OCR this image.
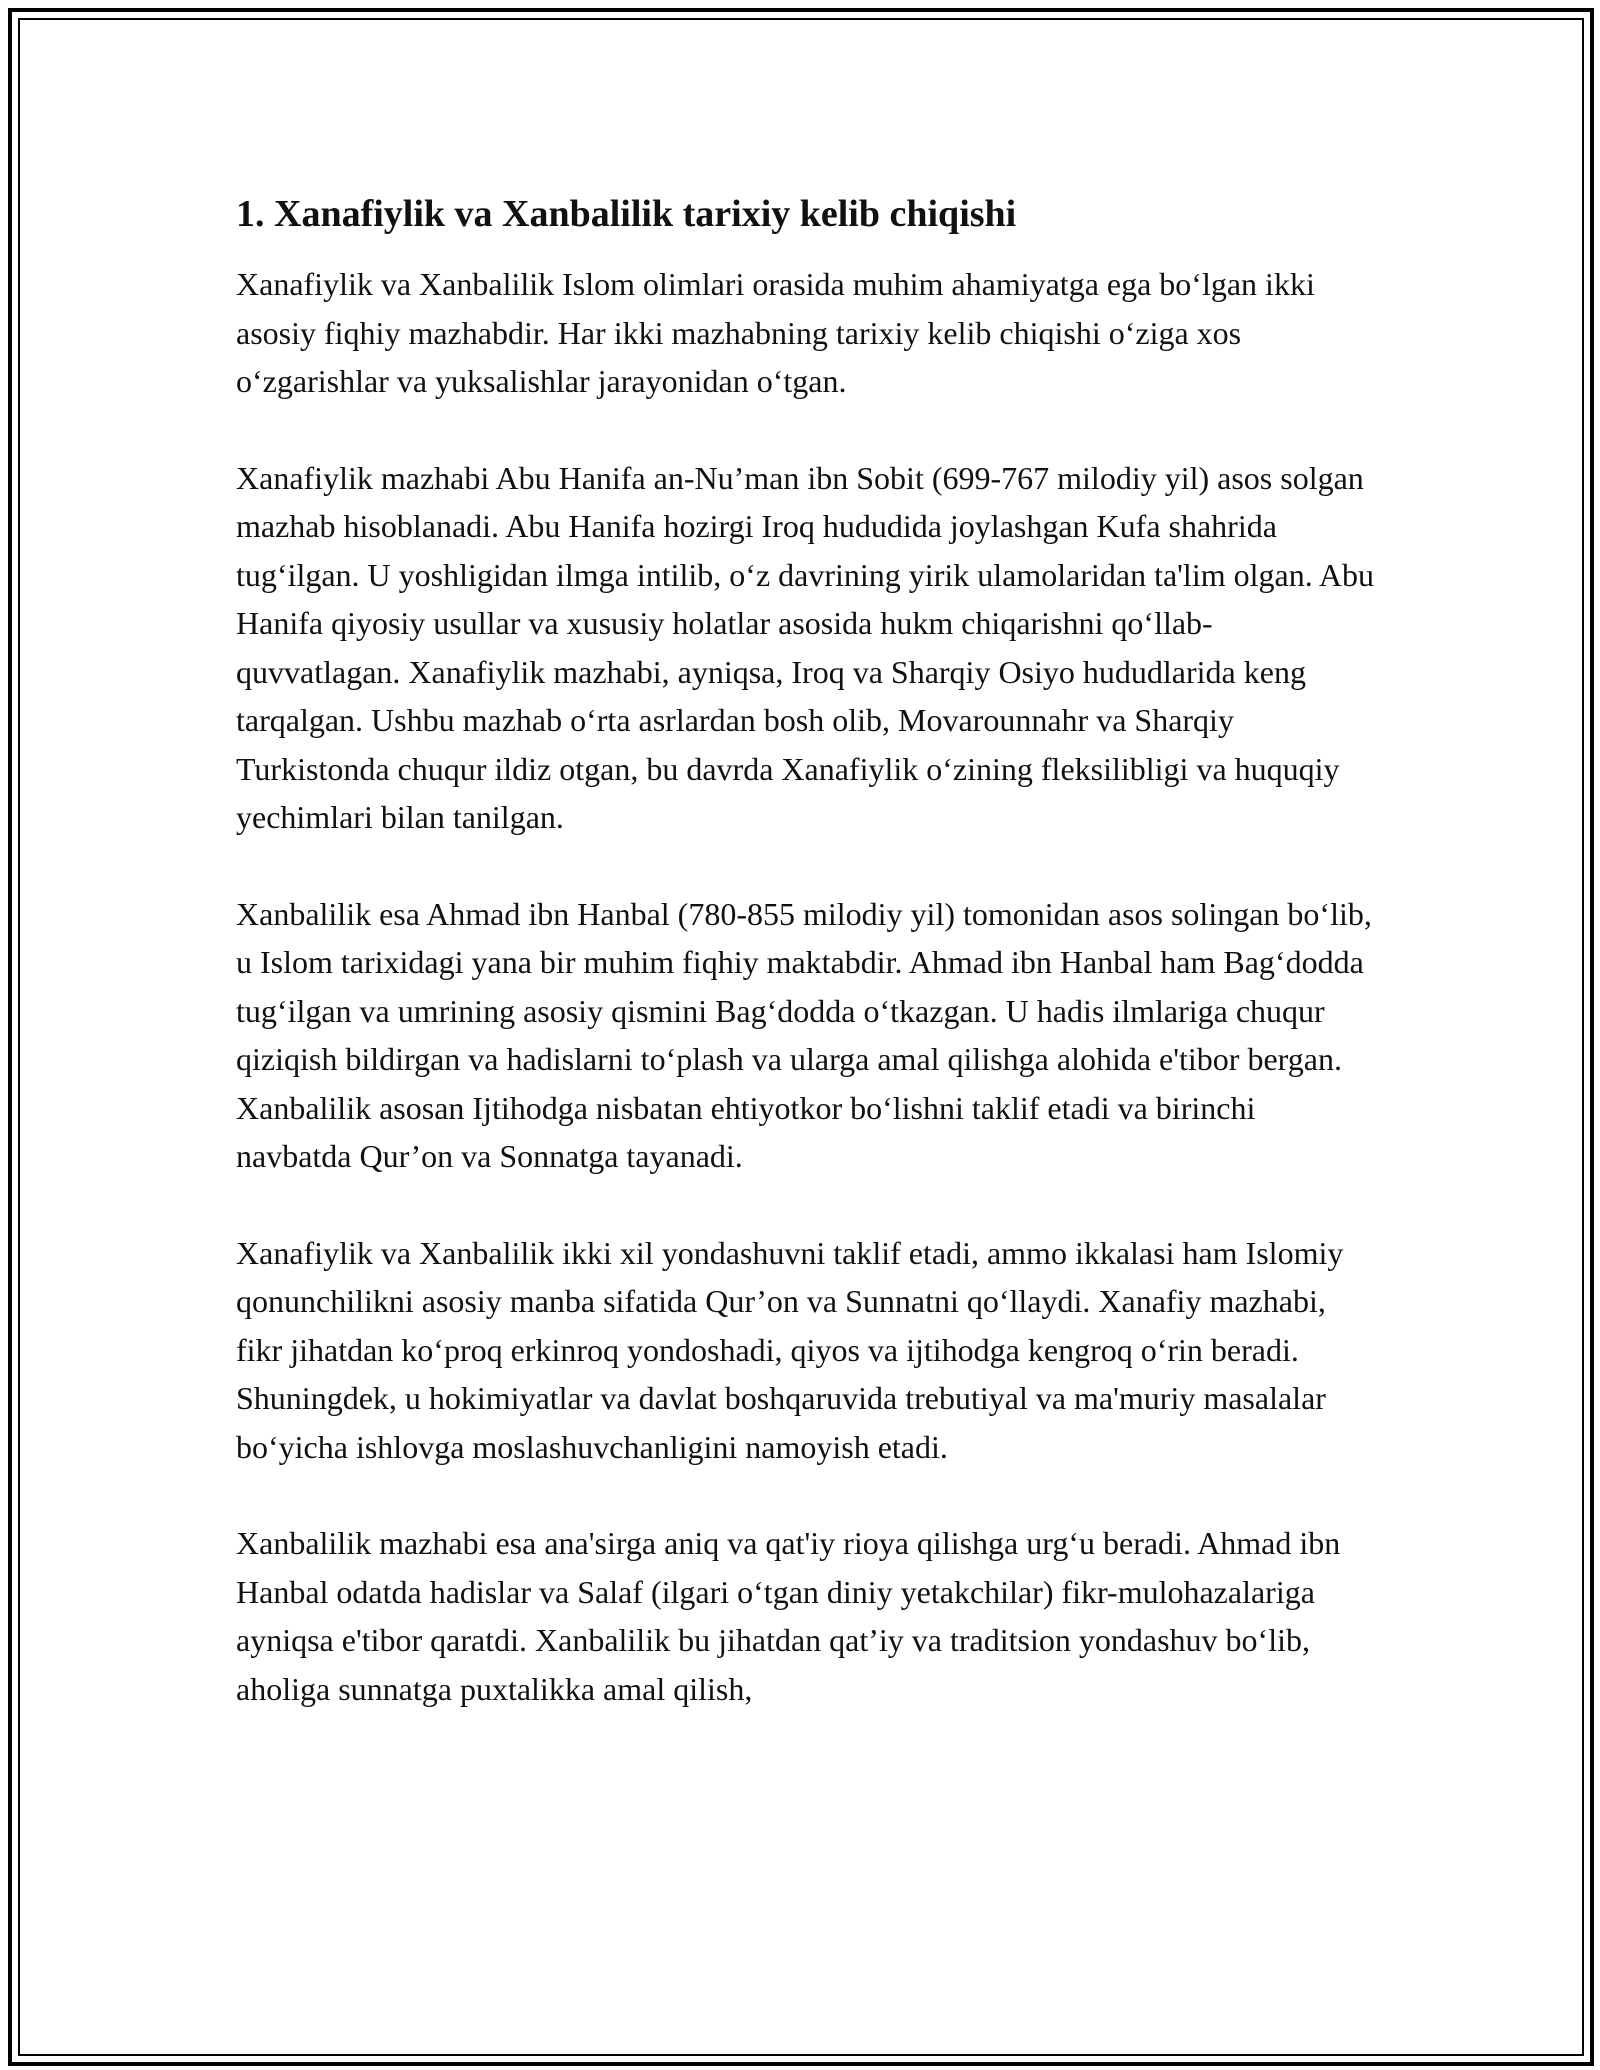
1. Xanafiylik va Xanbalilik tarixiy kelib chiqishi

Xanafiylik va Xanbalilik Islom olimlari orasida muhim ahamiyatga ega bo‘lgan ikki asosiy fiqhiy mazhabdir. Har ikki mazhabning tarixiy kelib chiqishi o‘ziga xos o‘zgarishlar va yuksalishlar jarayonidan o‘tgan.

Xanafiylik mazhabi Abu Hanifa an-Nu’man ibn Sobit (699-767 milodiy yil) asos solgan mazhab hisoblanadi. Abu Hanifa hozirgi Iroq hududida joylashgan Kufa shahrida tug‘ilgan. U yoshligidan ilmga intilib, o‘z davrining yirik ulamolaridan ta'lim olgan. Abu Hanifa qiyosiy usullar va xususiy holatlar asosida hukm chiqarishni qo‘llab-quvvatlagan. Xanafiylik mazhabi, ayniqsa, Iroq va Sharqiy Osiyo hududlarida keng tarqalgan. Ushbu mazhab o‘rta asrlardan bosh olib, Movarounnahr va Sharqiy Turkistonda chuqur ildiz otgan, bu davrda Xanafiylik o‘zining fleksilibligi va huquqiy yechimlari bilan tanilgan.

Xanbalilik esa Ahmad ibn Hanbal (780-855 milodiy yil) tomonidan asos solingan bo‘lib, u Islom tarixidagi yana bir muhim fiqhiy maktabdir. Ahmad ibn Hanbal ham Bag‘dodda tug‘ilgan va umrining asosiy qismini Bag‘dodda o‘tkazgan. U hadis ilmlariga chuqur qiziqish bildirgan va hadislarni to‘plash va ularga amal qilishga alohida e'tibor bergan. Xanbalilik asosan Ijtihodga nisbatan ehtiyotkor bo‘lishni taklif etadi va birinchi navbatda Qur’on va Sonnatga tayanadi.

Xanafiylik va Xanbalilik ikki xil yondashuvni taklif etadi, ammo ikkalasi ham Islomiy qonunchilikni asosiy manba sifatida Qur’on va Sunnatni qo‘llaydi. Xanafiy mazhabi, fikr jihatdan ko‘proq erkinroq yondoshadi, qiyos va ijtihodga kengroq o‘rin beradi. Shuningdek, u hokimiyatlar va davlat boshqaruvida trebutiyal va ma'muriy masalalar bo‘yicha ishlovga moslashuvchanligini namoyish etadi.

Xanbalilik mazhabi esa ana'sirga aniq va qat'iy rioya qilishga urg‘u beradi. Ahmad ibn Hanbal odatda hadislar va Salaf (ilgari o‘tgan diniy yetakchilar) fikr-mulohazalariga ayniqsa e'tibor qaratdi. Xanbalilik bu jihatdan qat’iy va traditsion yondashuv bo‘lib, aholiga sunnatga puxtalikka amal qilish,
